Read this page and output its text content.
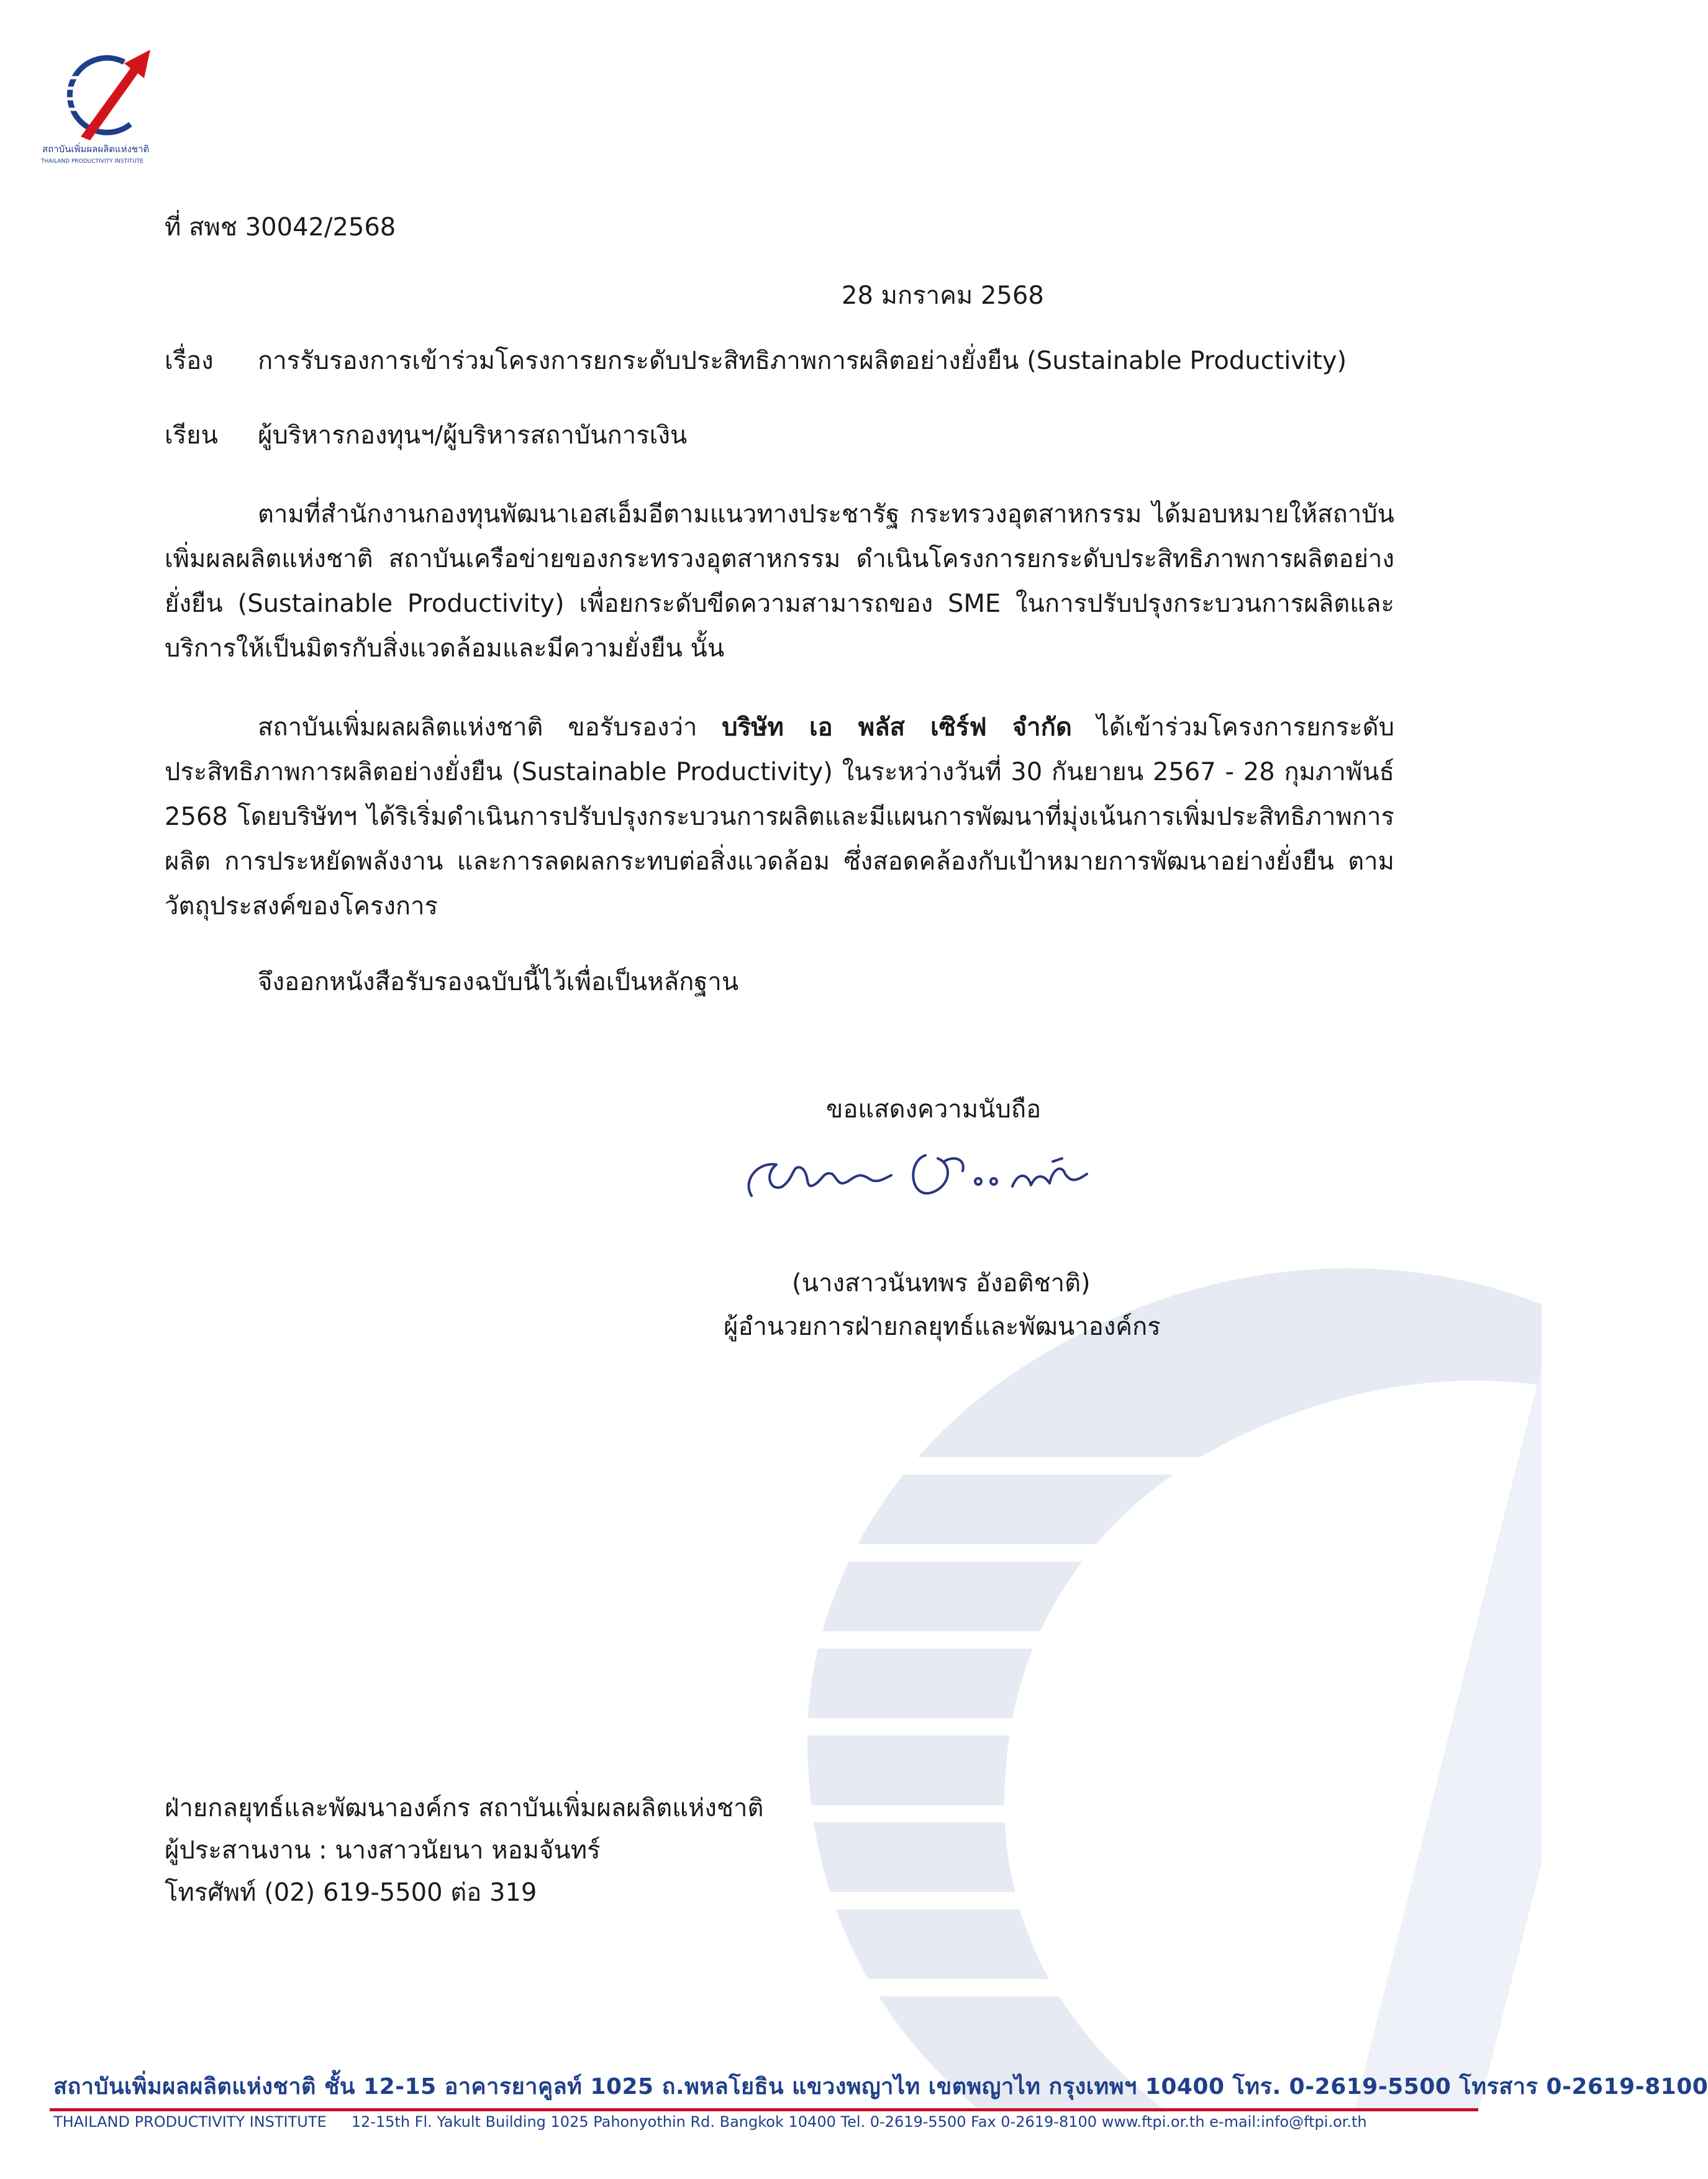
สถาบันเพิ่มผลผลิตแห่งชาติ
THAILAND PRODUCTIVITY INSTITUTE
ที่ สพช 30042/2568
28 มกราคม 2568
เรื่อง การรับรองการเข้าร่วมโครงการยกระดับประสิทธิภาพการผลิตอย่างยั่งยืน (Sustainable Productivity)
เรียน ผู้บริหารกองทุนฯ/ผู้บริหารสถาบันการเงิน
ตามที่สำนักงานกองทุนพัฒนาเอสเอ็มอีตามแนวทางประชารัฐ กระทรวงอุตสาหกรรม ได้มอบหมายให้สถาบันเพิ่มผลผลิตแห่งชาติ สถาบันเครือข่ายของกระทรวงอุตสาหกรรม ดำเนินโครงการยกระดับประสิทธิภาพการผลิตอย่างยั่งยืน (Sustainable Productivity) เพื่อยกระดับขีดความสามารถของ SME ในการปรับปรุงกระบวนการผลิตและบริการให้เป็นมิตรกับสิ่งแวดล้อมและมีความยั่งยืน นั้น
สถาบันเพิ่มผลผลิตแห่งชาติ ขอรับรองว่า บริษัท เอ พลัส เซิร์ฟ จำกัด ได้เข้าร่วมโครงการยกระดับประสิทธิภาพการผลิตอย่างยั่งยืน (Sustainable Productivity) ในระหว่างวันที่ 30 กันยายน 2567 - 28 กุมภาพันธ์ 2568 โดยบริษัทฯ ได้ริเริ่มดำเนินการปรับปรุงกระบวนการผลิตและมีแผนการพัฒนาที่มุ่งเน้นการเพิ่มประสิทธิภาพการผลิต การประหยัดพลังงาน และการลดผลกระทบต่อสิ่งแวดล้อม ซึ่งสอดคล้องกับเป้าหมายการพัฒนาอย่างยั่งยืน ตามวัตถุประสงค์ของโครงการ
จึงออกหนังสือรับรองฉบับนี้ไว้เพื่อเป็นหลักฐาน
ขอแสดงความนับถือ
(นางสาวนันทพร อังอติชาติ)
ผู้อำนวยการฝ่ายกลยุทธ์และพัฒนาองค์กร
ฝ่ายกลยุทธ์และพัฒนาองค์กร สถาบันเพิ่มผลผลิตแห่งชาติ
ผู้ประสานงาน : นางสาวนัยนา หอมจันทร์
โทรศัพท์ (02) 619-5500 ต่อ 319
สถาบันเพิ่มผลผลิตแห่งชาติ ชั้น 12-15 อาคารยาคูลท์ 1025 ถ.พหลโยธิน แขวงพญาไท เขตพญาไท กรุงเทพฯ 10400 โทร. 0-2619-5500 โทรสาร 0-2619-8100
THAILAND PRODUCTIVITY INSTITUTE 12-15th Fl. Yakult Building 1025 Pahonyothin Rd. Bangkok 10400 Tel. 0-2619-5500 Fax 0-2619-8100 www.ftpi.or.th e-mail:info@ftpi.or.th
